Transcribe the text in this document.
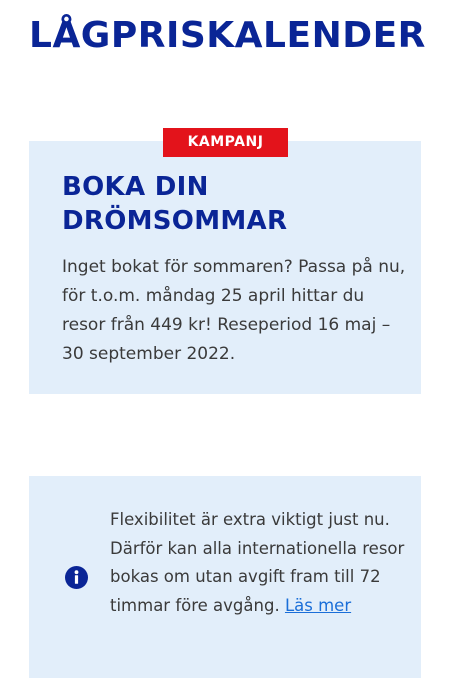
LÅGPRISKALENDER
KAMPANJ
BOKA DIN DRÖMSOMMAR

Inget bokat för sommaren? Passa på nu, för t.o.m. måndag 25 april hittar du resor från 449 kr! Reseperiod 16 maj – 30 september 2022.

Flexibilitet är extra viktigt just nu. Därför kan alla internationella resor bokas om utan avgift fram till 72 timmar före avgång. Läs mer
